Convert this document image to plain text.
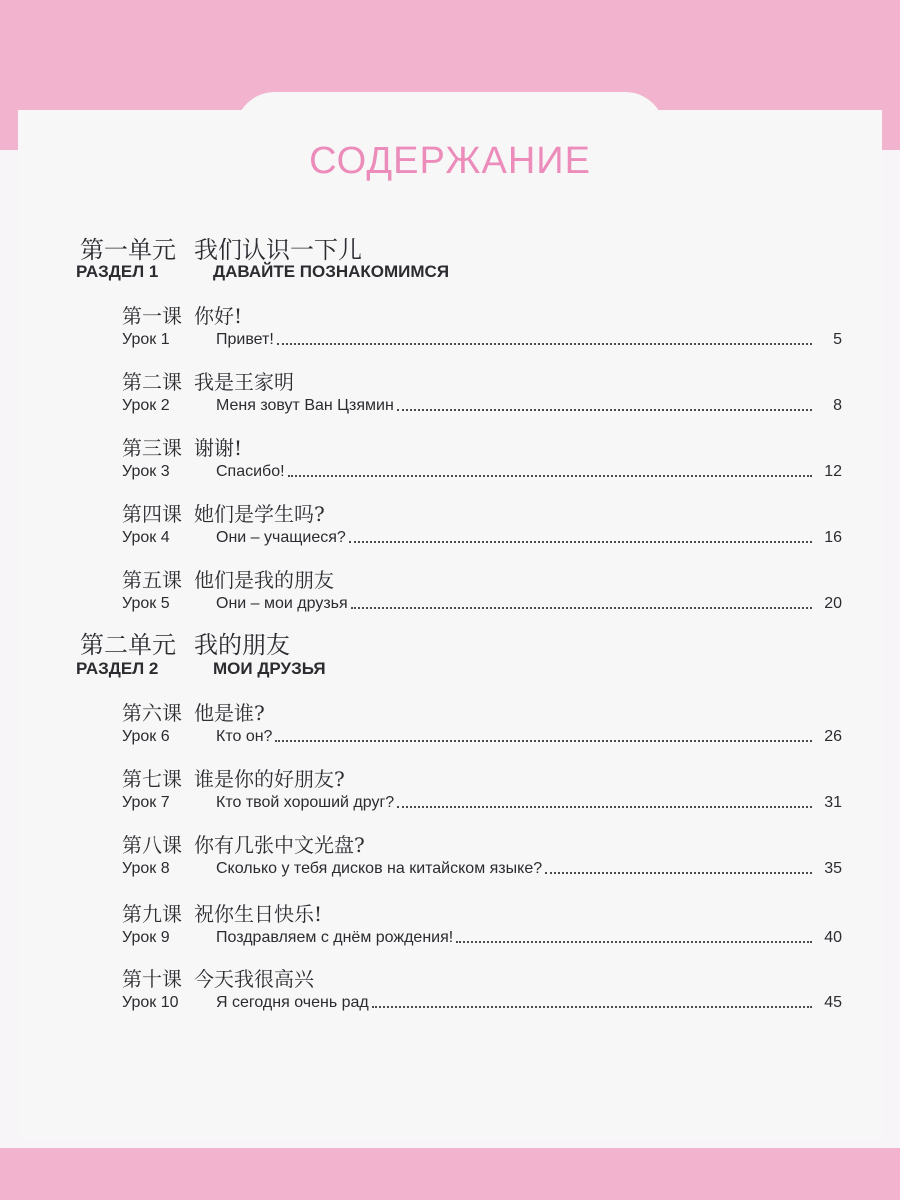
СОДЕРЖАНИЕ
第一单元 我们认识一下儿
РАЗДЕЛ 1	ДАВАЙТЕ ПОЗНАКОМИМСЯ
第一课 你好!
Урок 1	Привет!	5
第二课 我是王家明
Урок 2	Меня зовут Ван Цзямин	8
第三课 谢谢!
Урок 3	Спасибо!	12
第四课 她们是学生吗?
Урок 4	Они – учащиеся?	16
第五课 他们是我的朋友
Урок 5	Они – мои друзья	20
第二单元 我的朋友
РАЗДЕЛ 2	МОИ ДРУЗЬЯ
第六课 他是谁?
Урок 6	Кто он?	26
第七课 谁是你的好朋友?
Урок 7	Кто твой хороший друг?	31
第八课 你有几张中文光盘?
Урок 8	Сколько у тебя дисков на китайском языке?	35
第九课 祝你生日快乐!
Урок 9	Поздравляем с днём рождения!	40
第十课 今天我很高兴
Урок 10	Я сегодня очень рад	45
